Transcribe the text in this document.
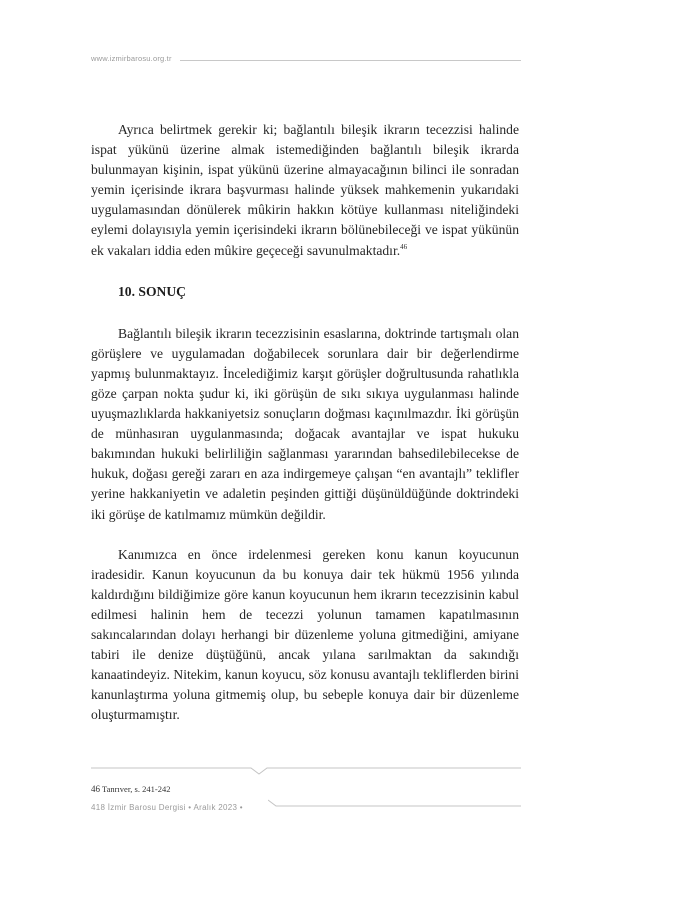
www.izmirbarosu.org.tr

Ayrıca belirtmek gerekir ki; bağlantılı bileşik ikrarın tecezzisi halinde ispat yükünü üzerine almak istemediğinden bağlantılı bileşik ikrarda bulunmayan kişinin, ispat yükünü üzerine almayacağının bilinci ile sonradan yemin içerisinde ikrara başvurması halinde yüksek mahkemenin yukarıdaki uygulamasından dönülerek mûkirin hakkın kötüye kullanması niteliğindeki eylemi dolayısıyla yemin içerisindeki ikrarın bölünebileceği ve ispat yükünün ek vakaları iddia eden mûkire geçeceği savunulmaktadır.$^{46}$

10. SONUÇ

Bağlantılı bileşik ikrarın tecezzisinin esaslarına, doktrinde tartışmalı olan görüşlere ve uygulamadan doğabilecek sorunlara dair bir değerlendirme yapmış bulunmaktayız. İncelediğimiz karşıt görüşler doğrultusunda rahatlıkla göze çarpan nokta şudur ki, iki görüşün de sıkı sıkıya uygulanması halinde uyuşmazlıklarda hakkaniyetsiz sonuçların doğması kaçınılmazdır. İki görüşün de münhasıran uygulanmasında; doğacak avantajlar ve ispat hukuku bakımından hukuki belirliliğin sağlanması yararından bahsedilebilecekse de hukuk, doğası gereği zararı en aza indirgemeye çalışan “en avantajlı” teklifler yerine hakkaniyetin ve adaletin peşinden gittiği düşünüldüğünde doktrindeki iki görüşe de katılmamız mümkün değildir.

Kanımızca en önce irdelenmesi gereken konu kanun koyucunun iradesidir. Kanun koyucunun da bu konuya dair tek hükmü 1956 yılında kaldırdığını bildiğimize göre kanun koyucunun hem ikrarın tecezzisinin kabul edilmesi halinin hem de tecezzi yolunun tamamen kapatılmasının sakıncalarından dolayı herhangi bir düzenleme yoluna gitmediğini, amiyane tabiri ile denize düştüğünü, ancak yılana sarılmaktan da sakındığı kanaatindeyiz. Nitekim, kanun koyucu, söz konusu avantajlı tekliflerden birini kanunlaştırma yoluna gitmemiş olup, bu sebeple konuya dair bir düzenleme oluşturmamıştır.

46 Tanrıver, s. 241-242
418 İzmir Barosu Dergisi • Aralık 2023 •
